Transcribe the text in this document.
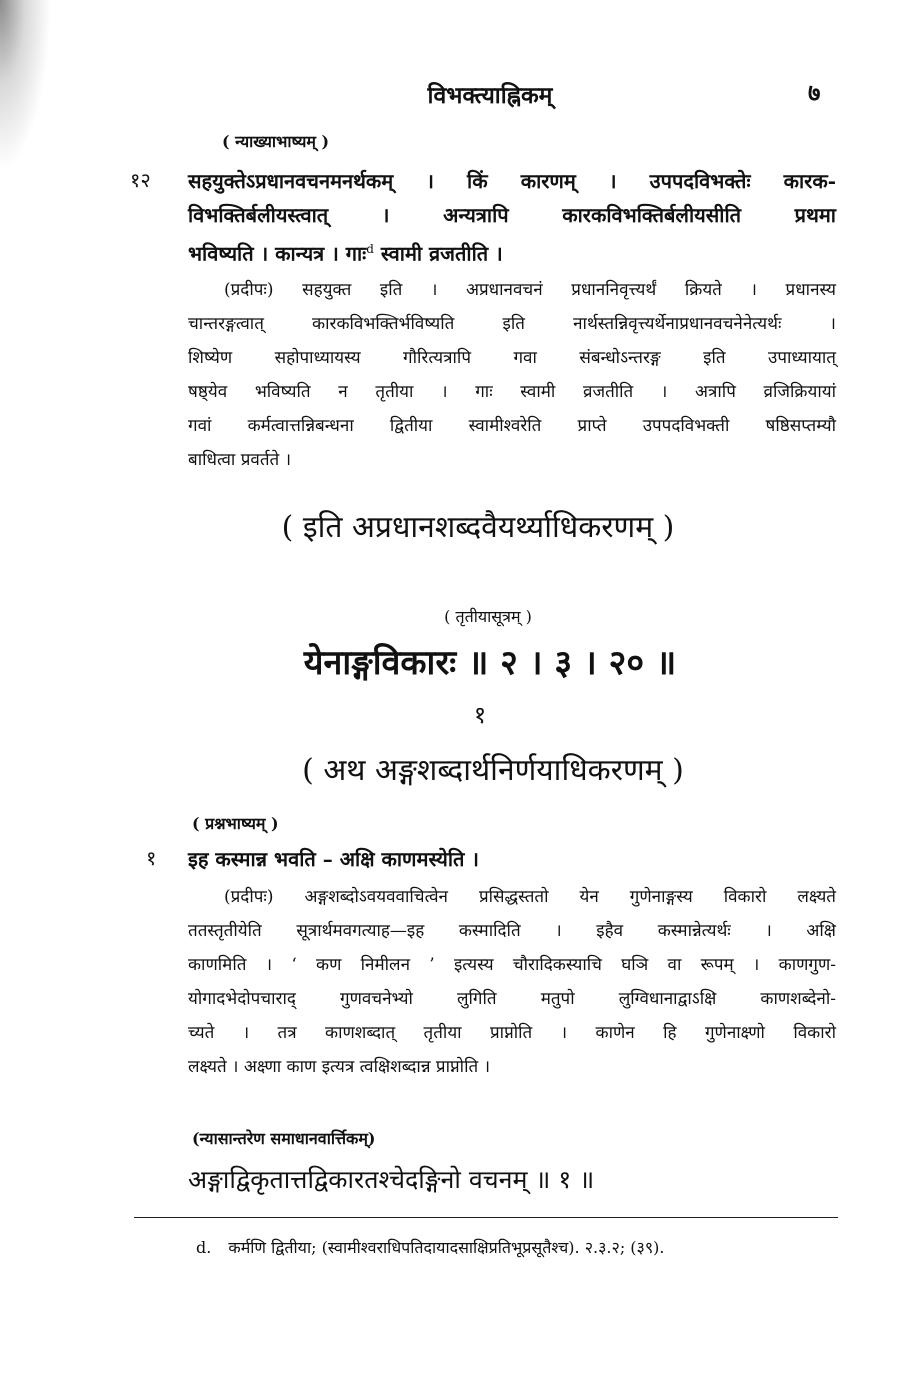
विभक्त्याह्निकम्	७
( न्याख्याभाष्यम् )
१२ सहयुक्तेऽप्रधानवचनमनर्थकम् । किं कारणम् । उपपदविभक्तेः कारक-
विभक्तिर्बलीयस्त्वात् । अन्यत्रापि कारकविभक्तिर्बलीयसीति प्रथमा
भविष्यति । कान्यत्र । गाः$^d$ स्वामी व्रजतीति ।
(प्रदीपः) सहयुक्त इति । अप्रधानवचनं प्रधाननिवृत्त्यर्थं क्रियते । प्रधानस्य
चान्तरङ्गत्वात् कारकविभक्तिर्भविष्यति इति नार्थस्तन्निवृत्त्यर्थेनाप्रधानवचनेनेत्यर्थः ।
शिष्येण सहोपाध्यायस्य गौरित्यत्रापि गवा संबन्धोऽन्तरङ्ग इति उपाध्यायात्
षष्ठ्येव भविष्यति न तृतीया । गाः स्वामी व्रजतीति । अत्रापि व्रजिक्रियायां
गवां कर्मत्वात्तन्निबन्धना द्वितीया स्वामीश्वरेति प्राप्ते उपपदविभक्ती षष्ठिसप्तम्यौ
बाधित्वा प्रवर्तते ।
( इति अप्रधानशब्दवैयर्थ्याधिकरणम् )
( तृतीयासूत्रम् )
येनाङ्गविकारः ॥ २ । ३ । २० ॥
१
( अथ अङ्गशब्दार्थनिर्णयाधिकरणम् )
( प्रश्नभाष्यम् )
१ इह कस्मान्न भवति – अक्षि काणमस्येति ।
(प्रदीपः) अङ्गशब्दोऽवयववाचित्वेन प्रसिद्धस्ततो येन गुणेनाङ्गस्य विकारो लक्ष्यते
ततस्तृतीयेति सूत्रार्थमवगत्याह—इह कस्मादिति । इहैव कस्मान्नेत्यर्थः । अक्षि
काणमिति । ‘ कण निमीलन ’ इत्यस्य चौरादिकस्याचि घञि वा रूपम् । काणगुण-
योगादभेदोपचाराद् गुणवचनेभ्यो लुगिति मतुपो लुग्विधानाद्वाऽक्षि काणशब्देनो-
च्यते । तत्र काणशब्दात् तृतीया प्राप्नोति । काणेन हि गुणेनाक्ष्णो विकारो
लक्ष्यते । अक्ष्णा काण इत्यत्र त्वक्षिशब्दान्न प्राप्नोति ।
(न्यासान्तरेण समाधानवार्त्तिकम्)
अङ्गाद्विकृतात्तद्विकारतश्चेदङ्गिनो वचनम् ॥ १ ॥
d. कर्मणि द्वितीया; (स्वामीश्वराधिपतिदायादसाक्षिप्रतिभूप्रसूतैश्च). २.३.२; (३९).
